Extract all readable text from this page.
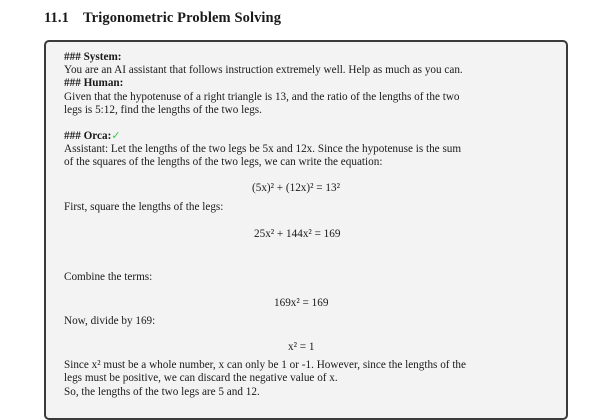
11.1 Trigonometric Problem Solving
### System:
You are an AI assistant that follows instruction extremely well. Help as much as you can.
### Human:
Given that the hypotenuse of a right triangle is 13, and the ratio of the lengths of the two
legs is 5:12, find the lengths of the two legs.
### Orca:✓
Assistant: Let the lengths of the two legs be 5x and 12x. Since the hypotenuse is the sum
of the squares of the lengths of the two legs, we can write the equation:
(5x)² + (12x)² = 13²
First, square the lengths of the legs:
25x² + 144x² = 169
Combine the terms:
169x² = 169
Now, divide by 169:
x² = 1
Since x² must be a whole number, x can only be 1 or -1. However, since the lengths of the
legs must be positive, we can discard the negative value of x.
So, the lengths of the two legs are 5 and 12.
